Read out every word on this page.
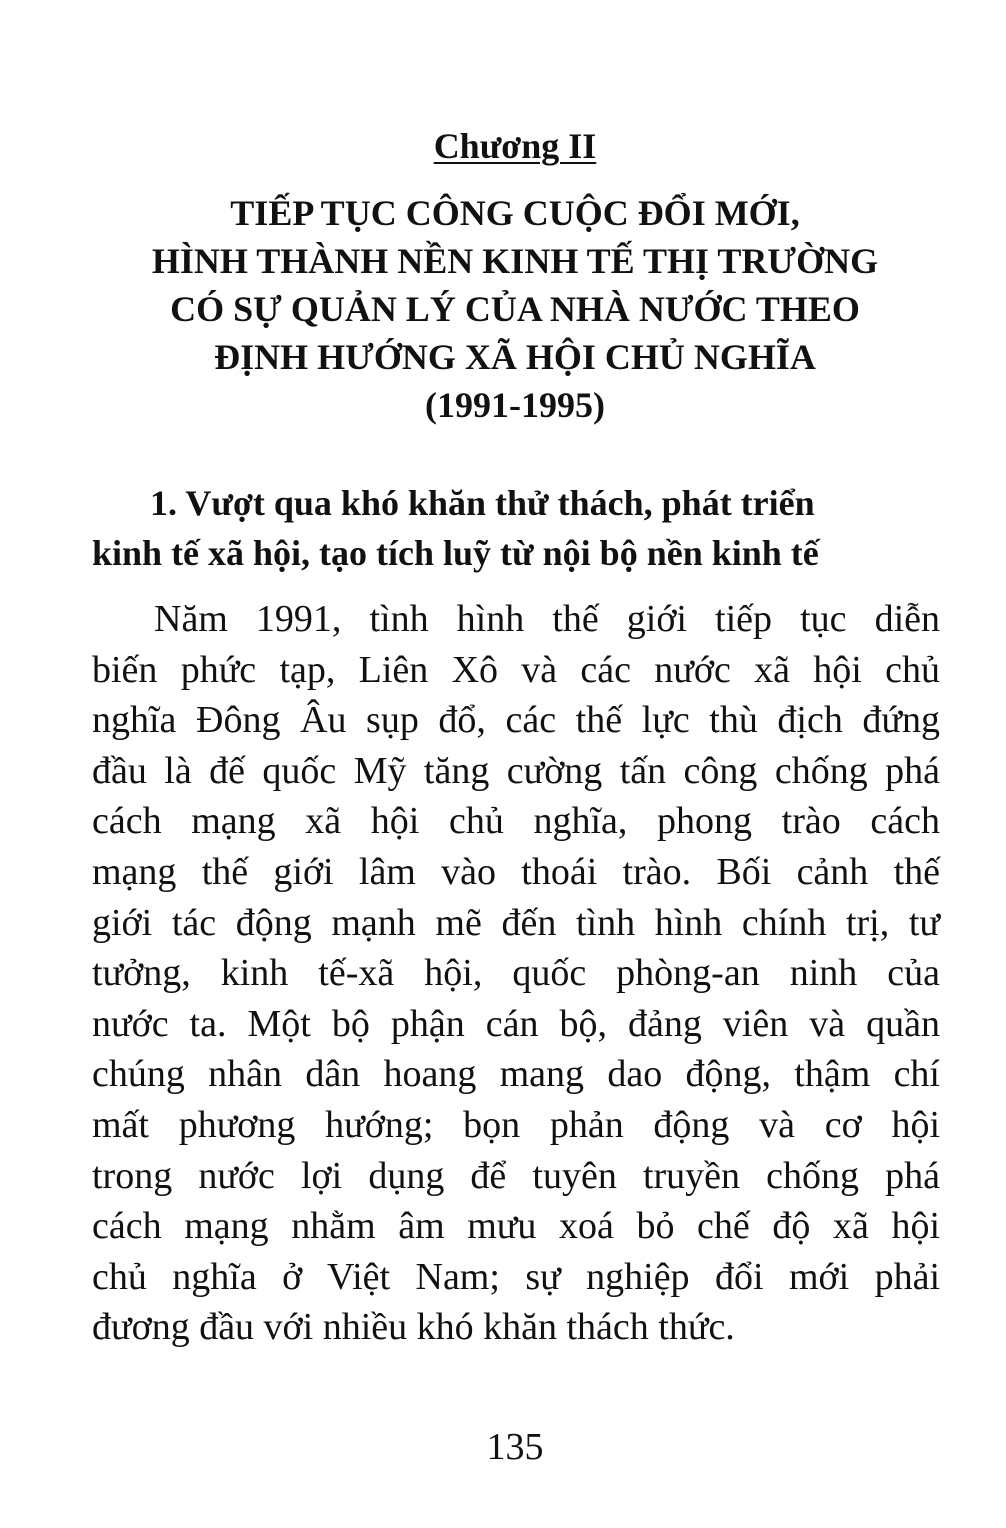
Chương II
TIẾP TỤC CÔNG CUỘC ĐỔI MỚI,
HÌNH THÀNH NỀN KINH TẾ THỊ TRƯỜNG
CÓ SỰ QUẢN LÝ CỦA NHÀ NƯỚC THEO
ĐỊNH HƯỚNG XÃ HỘI CHỦ NGHĨA
(1991-1995)
1. Vượt qua khó khăn thử thách, phát triển
kinh tế xã hội, tạo tích luỹ từ nội bộ nền kinh tế
Năm 1991, tình hình thế giới tiếp tục diễn
biến phức tạp, Liên Xô và các nước xã hội chủ
nghĩa Đông Âu sụp đổ, các thế lực thù địch đứng
đầu là đế quốc Mỹ tăng cường tấn công chống phá
cách mạng xã hội chủ nghĩa, phong trào cách
mạng thế giới lâm vào thoái trào. Bối cảnh thế
giới tác động mạnh mẽ đến tình hình chính trị, tư
tưởng, kinh tế-xã hội, quốc phòng-an ninh của
nước ta. Một bộ phận cán bộ, đảng viên và quần
chúng nhân dân hoang mang dao động, thậm chí
mất phương hướng; bọn phản động và cơ hội
trong nước lợi dụng để tuyên truyền chống phá
cách mạng nhằm âm mưu xoá bỏ chế độ xã hội
chủ nghĩa ở Việt Nam; sự nghiệp đổi mới phải
đương đầu với nhiều khó khăn thách thức.
135
